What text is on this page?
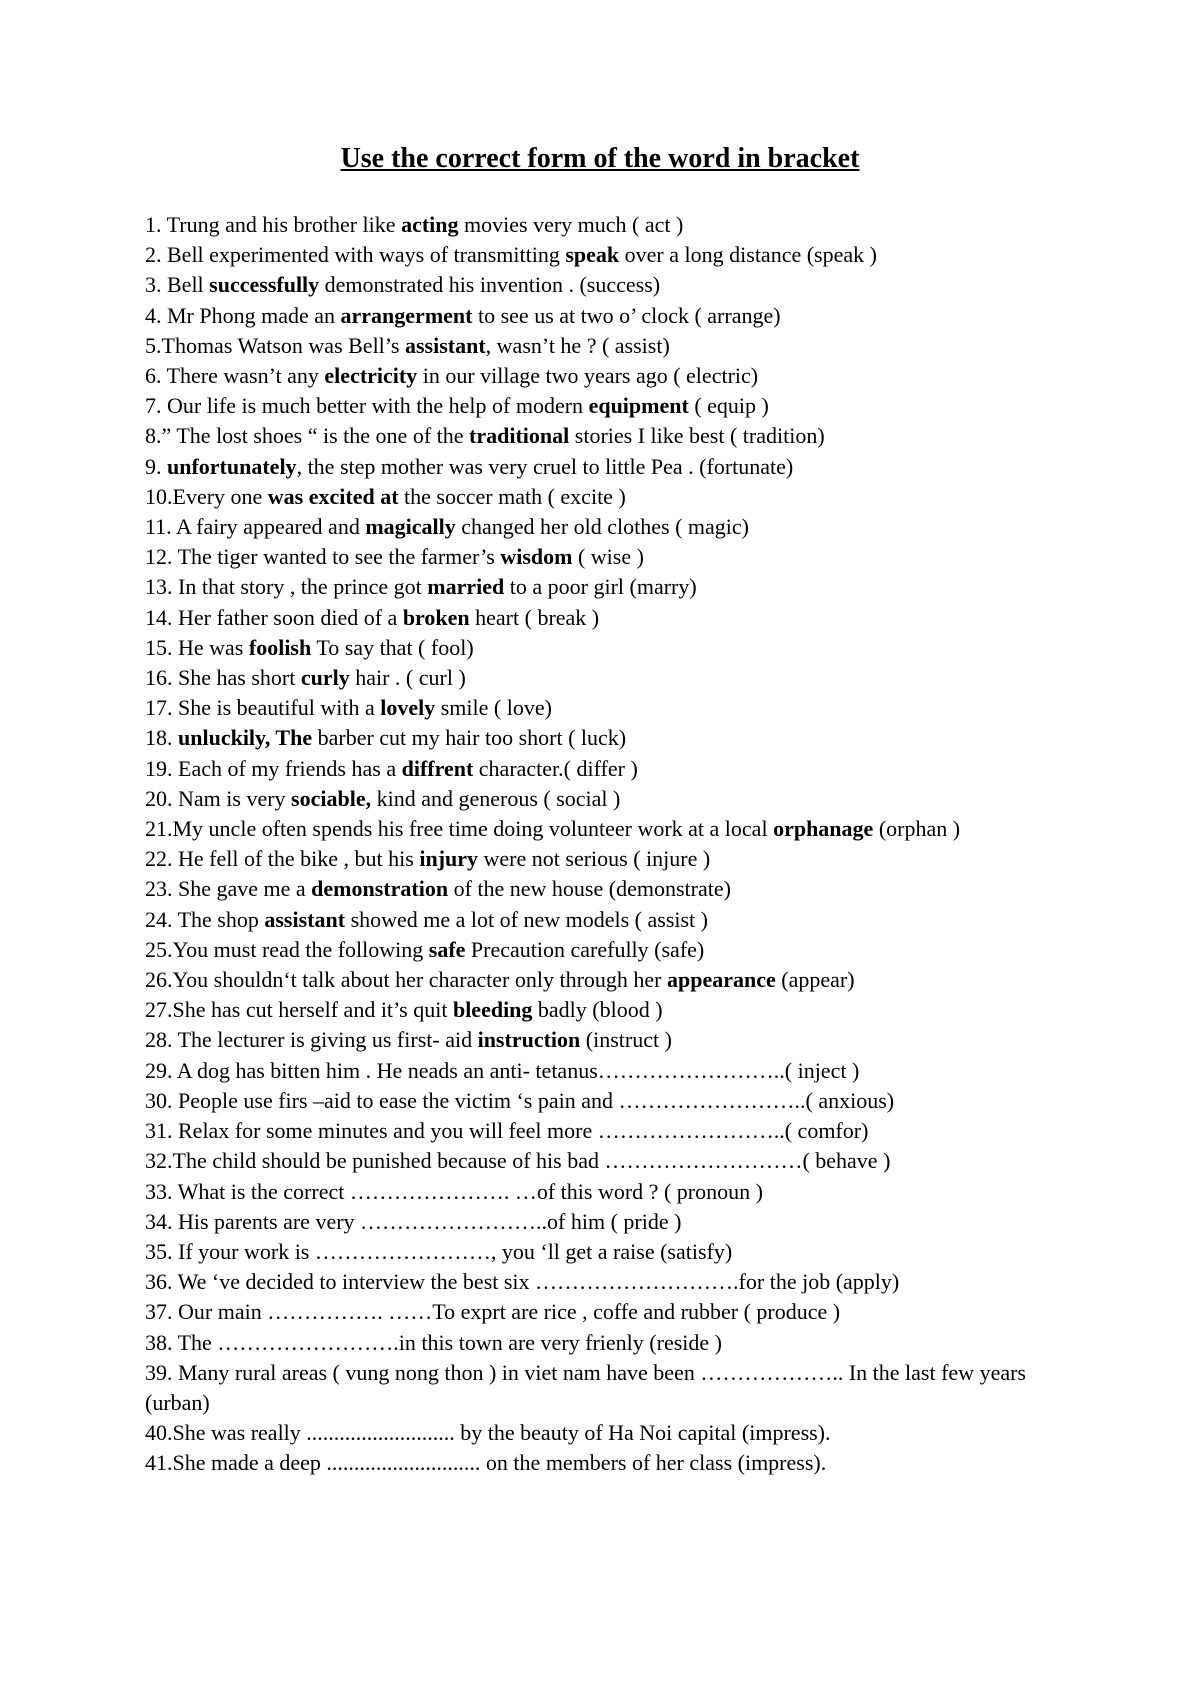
Use the correct form of the word in bracket
1. Trung and his brother like acting movies very much ( act )
2. Bell experimented with ways of transmitting speak over a long distance (speak )
3. Bell successfully demonstrated his invention . (success)
4. Mr Phong made an arrangerment to see us at two o’ clock ( arrange)
5.Thomas Watson was Bell’s assistant, wasn’t he ? ( assist)
6. There wasn’t any electricity in our village two years ago ( electric)
7. Our life is much better with the help of modern equipment ( equip )
8.” The lost shoes “ is the one of the traditional stories I like best ( tradition)
9. unfortunately, the step mother was very cruel to little Pea . (fortunate)
10.Every one was excited at the soccer math ( excite )
11. A fairy appeared and magically changed her old clothes ( magic)
12. The tiger wanted to see the farmer’s wisdom ( wise )
13. In that story , the prince got married to a poor girl (marry)
14. Her father soon died of a broken heart ( break )
15. He was foolish To say that ( fool)
16. She has short curly hair . ( curl )
17. She is beautiful with a lovely smile ( love)
18. unluckily, The barber cut my hair too short ( luck)
19. Each of my friends has a diffrent character.( differ )
20. Nam is very sociable, kind and generous ( social )
21.My uncle often spends his free time doing volunteer work at a local orphanage (orphan )
22. He fell of the bike , but his injury were not serious ( injure )
23. She gave me a demonstration of the new house (demonstrate)
24. The shop assistant showed me a lot of new models ( assist )
25.You must read the following safe Precaution carefully (safe)
26.You shouldn‘t talk about her character only through her appearance (appear)
27.She has cut herself and it’s quit bleeding badly (blood )
28. The lecturer is giving us first- aid instruction (instruct )
29. A dog has bitten him . He neads an anti- tetanus……………………..( inject )
30. People use firs –aid to ease the victim ‘s pain and ……………………..( anxious)
31. Relax for some minutes and you will feel more ……………………..( comfor)
32.The child should be punished because of his bad ………………………( behave )
33. What is the correct …………………. …of this word ? ( pronoun )
34. His parents are very ……………………..of him ( pride )
35. If your work is ……………………, you ‘ll get a raise (satisfy)
36. We ‘ve decided to interview the best six ……………………….for the job (apply)
37. Our main ……………. ……To exprt are rice , coffe and rubber ( produce )
38. The …………………….in this town are very frienly (reside )
39. Many rural areas ( vung nong thon ) in viet nam have been ……………….. In the last few years (urban)
40.She was really ........................... by the beauty of Ha Noi capital (impress).
41.She made a deep ............................ on the members of her class (impress).
